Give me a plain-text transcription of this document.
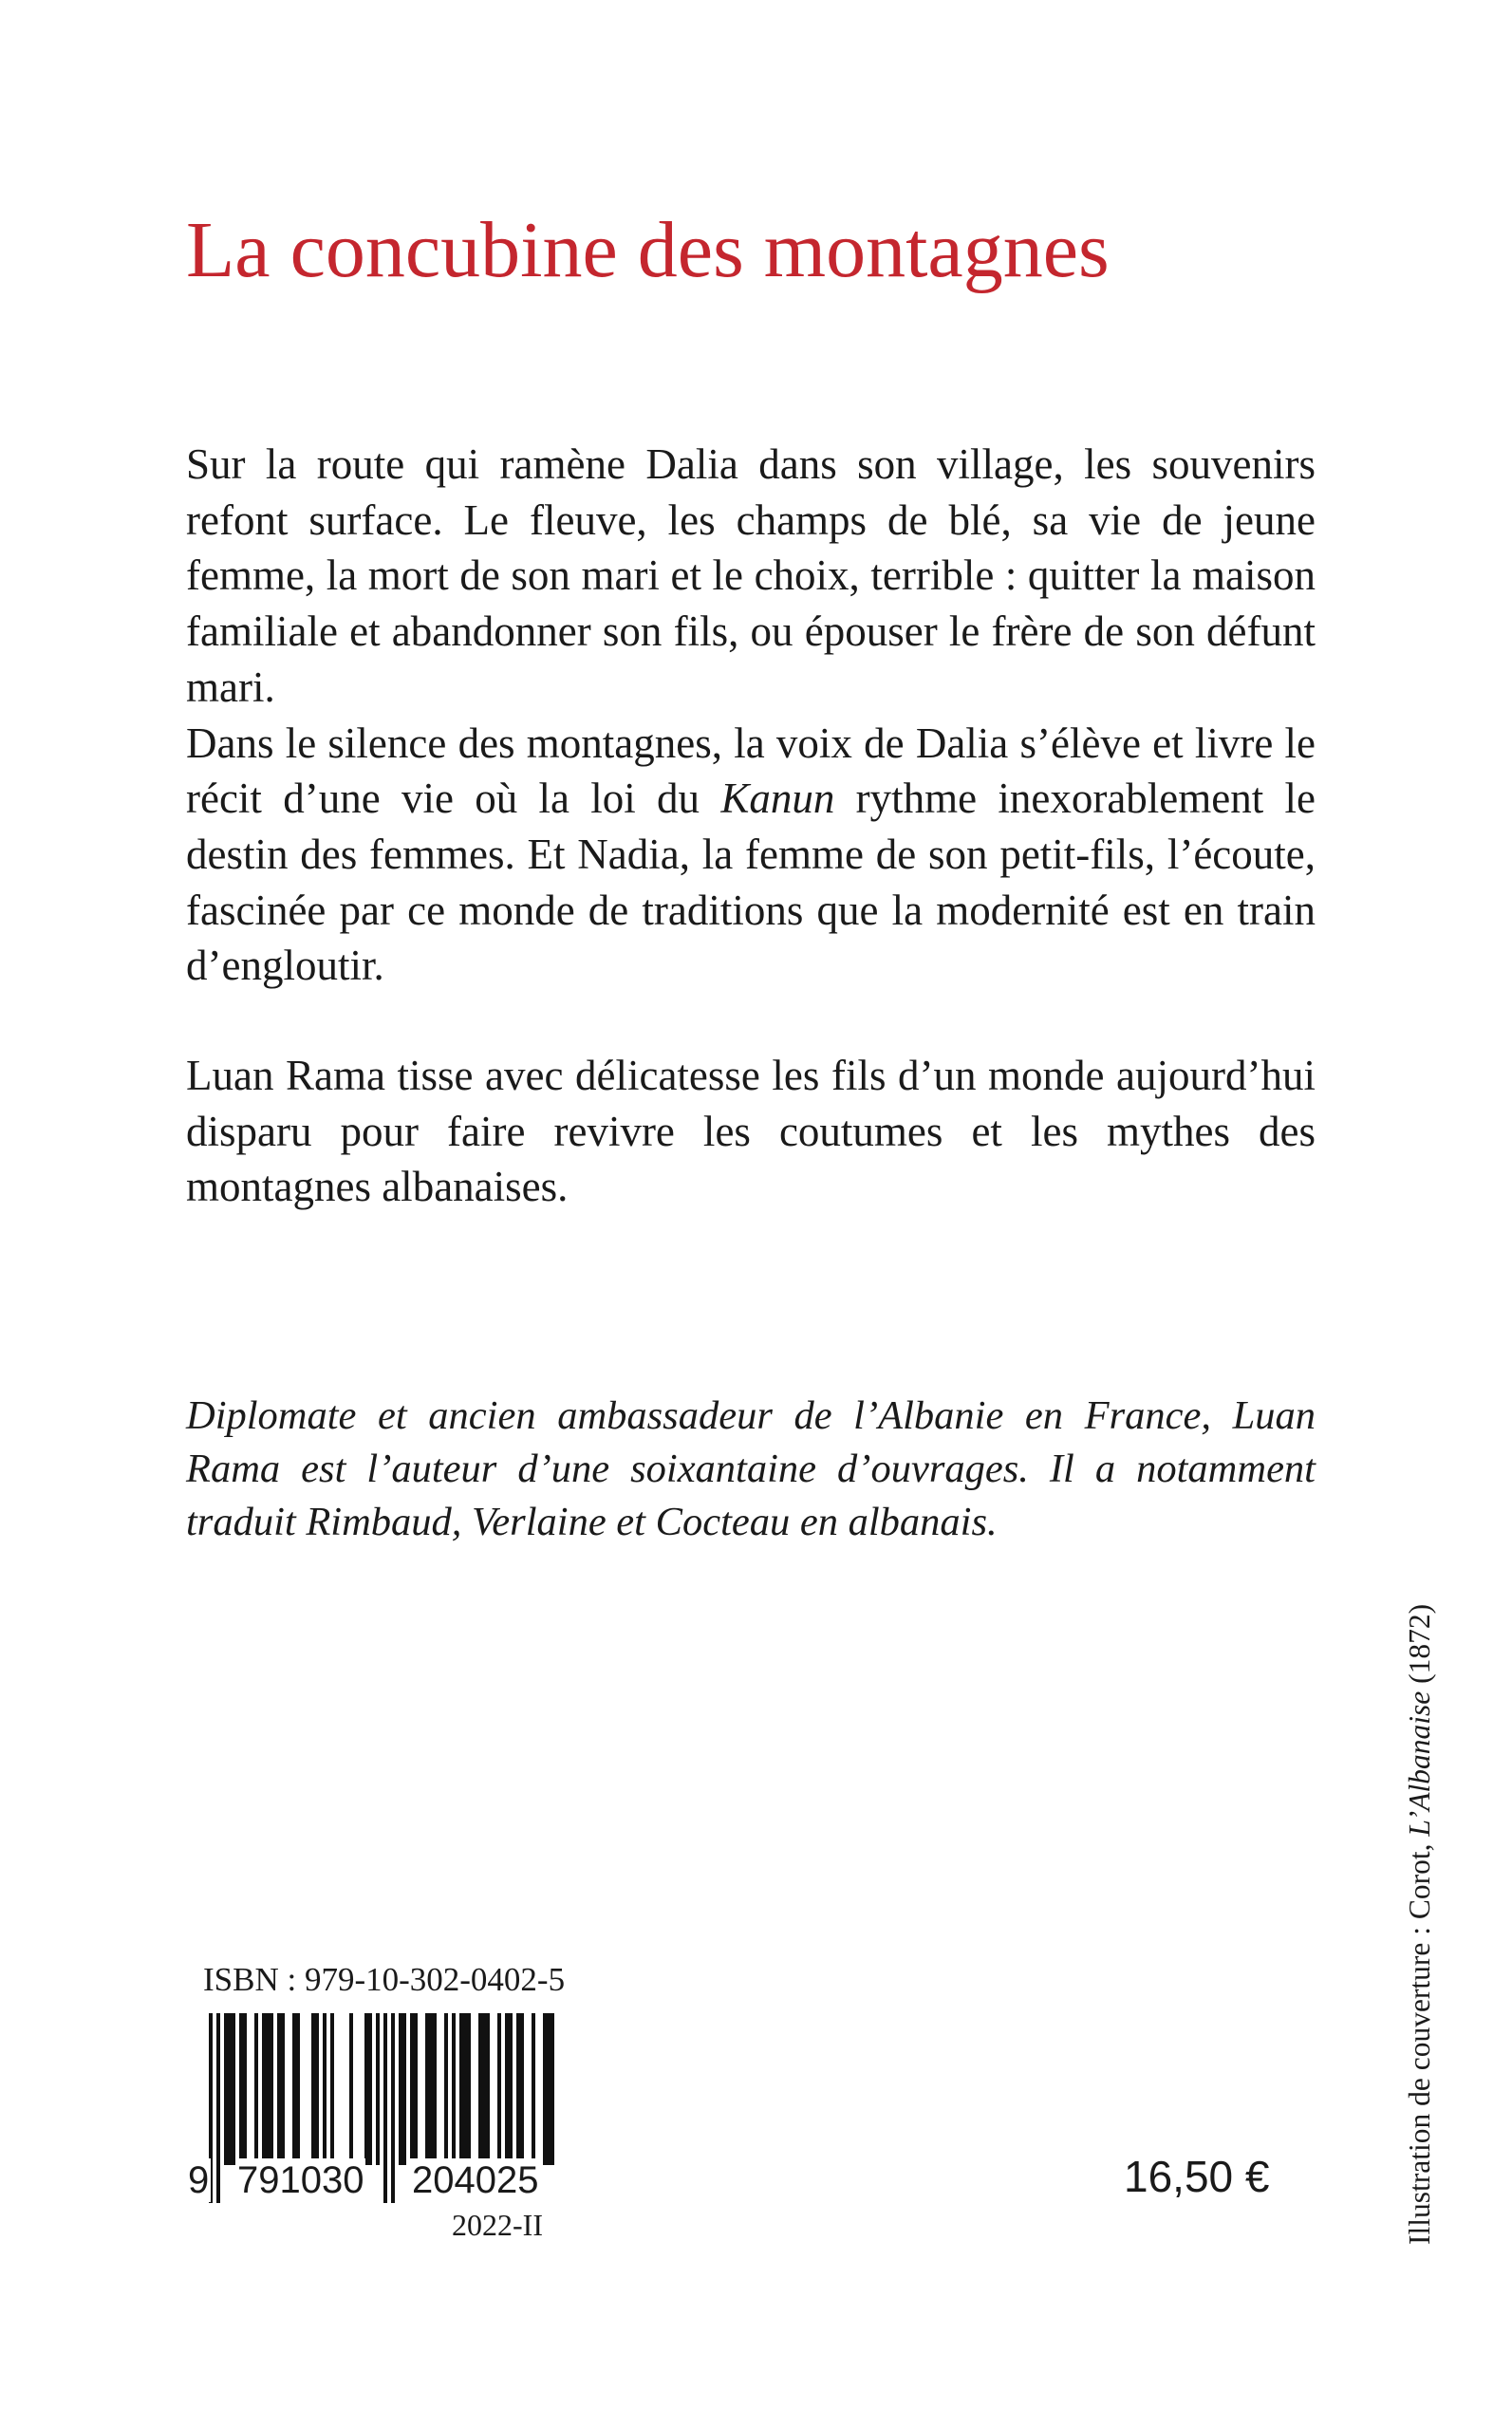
La concubine des montagnes

Sur la route qui ramène Dalia dans son village, les souvenirs refont surface. Le fleuve, les champs de blé, sa vie de jeune femme, la mort de son mari et le choix, terrible : quitter la maison familiale et abandonner son fils, ou épouser le frère de son défunt mari.
Dans le silence des montagnes, la voix de Dalia s’élève et livre le récit d’une vie où la loi du Kanun rythme inexorablement le destin des femmes. Et Nadia, la femme de son petit-fils, l’écoute, fascinée par ce monde de traditions que la modernité est en train d’engloutir.

Luan Rama tisse avec délicatesse les fils d’un monde aujourd’hui disparu pour faire revivre les coutumes et les mythes des montagnes albanaises.

Diplomate et ancien ambassadeur de l’Albanie en France, Luan Rama est l’auteur d’une soixantaine d’ouvrages. Il a notamment traduit Rimbaud, Verlaine et Cocteau en albanais.

ISBN : 979-10-302-0402-5
9 791030 204025
2022-II
16,50 €	Illustration de couverture : Corot, L’Albanaise (1872)
